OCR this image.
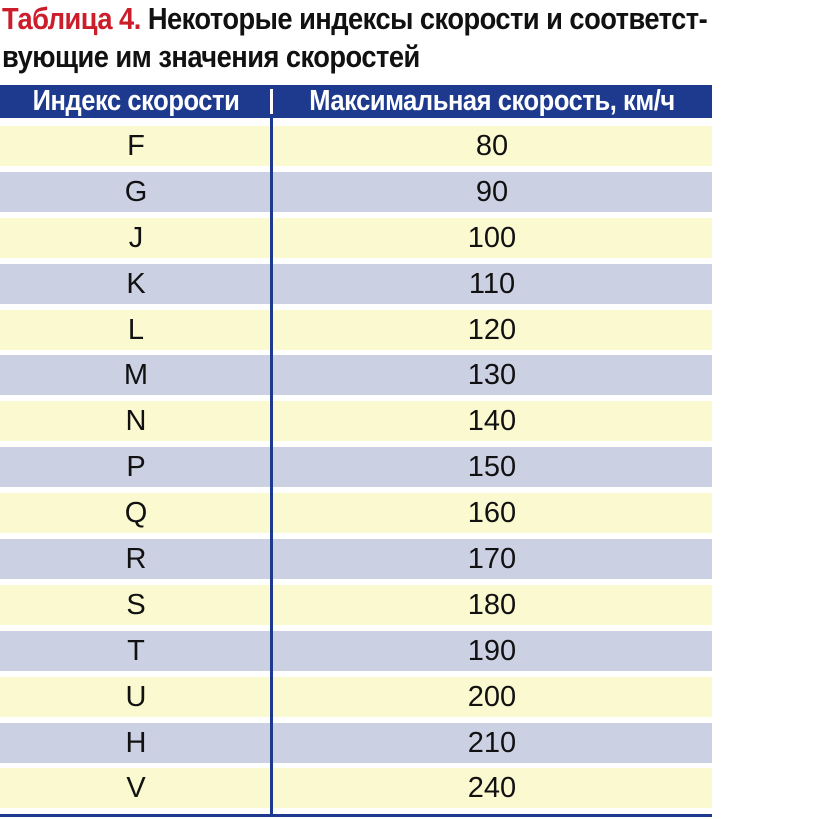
Таблица 4. Некоторые индексы скорости и соответст-
вующие им значения скоростей
Индекс скорости	Максимальная скорость, км/ч
F	80
G	90
J	100
K	110
L	120
M	130
N	140
P	150
Q	160
R	170
S	180
T	190
U	200
H	210
V	240
